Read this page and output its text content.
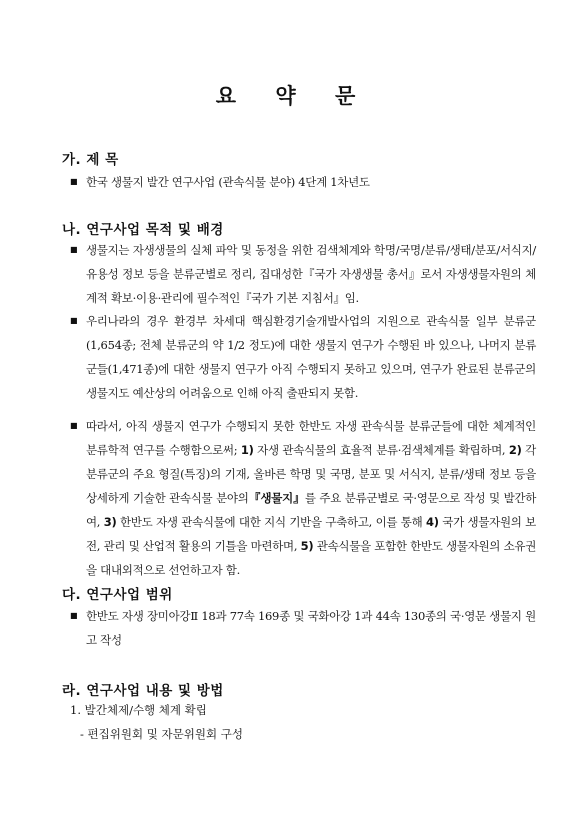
요 약 문
가. 제 목
■ 한국 생물지 발간 연구사업 (관속식물 분야) 4단계 1차년도
나. 연구사업 목적 및 배경
■ 생물지는 자생생물의 실체 파악 및 동정을 위한 검색체계와 학명/국명/분류/생태/분포/서식지/유용성 정보 등을 분류군별로 정리, 집대성한『국가 자생생물 총서』로서 자생생물자원의 체계적 확보·이용·관리에 필수적인『국가 기본 지침서』임.
■ 우리나라의 경우 환경부 차세대 핵심환경기술개발사업의 지원으로 관속식물 일부 분류군(1,654종; 전체 분류군의 약 1/2 정도)에 대한 생물지 연구가 수행된 바 있으나, 나머지 분류군들(1,471종)에 대한 생물지 연구가 아직 수행되지 못하고 있으며, 연구가 완료된 분류군의 생물지도 예산상의 어려움으로 인해 아직 출판되지 못함.
■ 따라서, 아직 생물지 연구가 수행되지 못한 한반도 자생 관속식물 분류군들에 대한 체계적인 분류학적 연구를 수행함으로써; 1) 자생 관속식물의 효율적 분류·검색체계를 확립하며, 2) 각 분류군의 주요 형질(특징)의 기재, 올바른 학명 및 국명, 분포 및 서식지, 분류/생태 정보 등을 상세하게 기술한 관속식물 분야의『생물지』를 주요 분류군별로 국·영문으로 작성 및 발간하여, 3) 한반도 자생 관속식물에 대한 지식 기반을 구축하고, 이를 통해 4) 국가 생물자원의 보전, 관리 및 산업적 활용의 기틀을 마련하며, 5) 관속식물을 포함한 한반도 생물자원의 소유권을 대내외적으로 선언하고자 함.
다. 연구사업 범위
■ 한반도 자생 장미아강Ⅱ 18과 77속 169종 및 국화아강 1과 44속 130종의 국·영문 생물지 원고 작성
라. 연구사업 내용 및 방법
1. 발간체제/수행 체계 확립
- 편집위원회 및 자문위원회 구성
